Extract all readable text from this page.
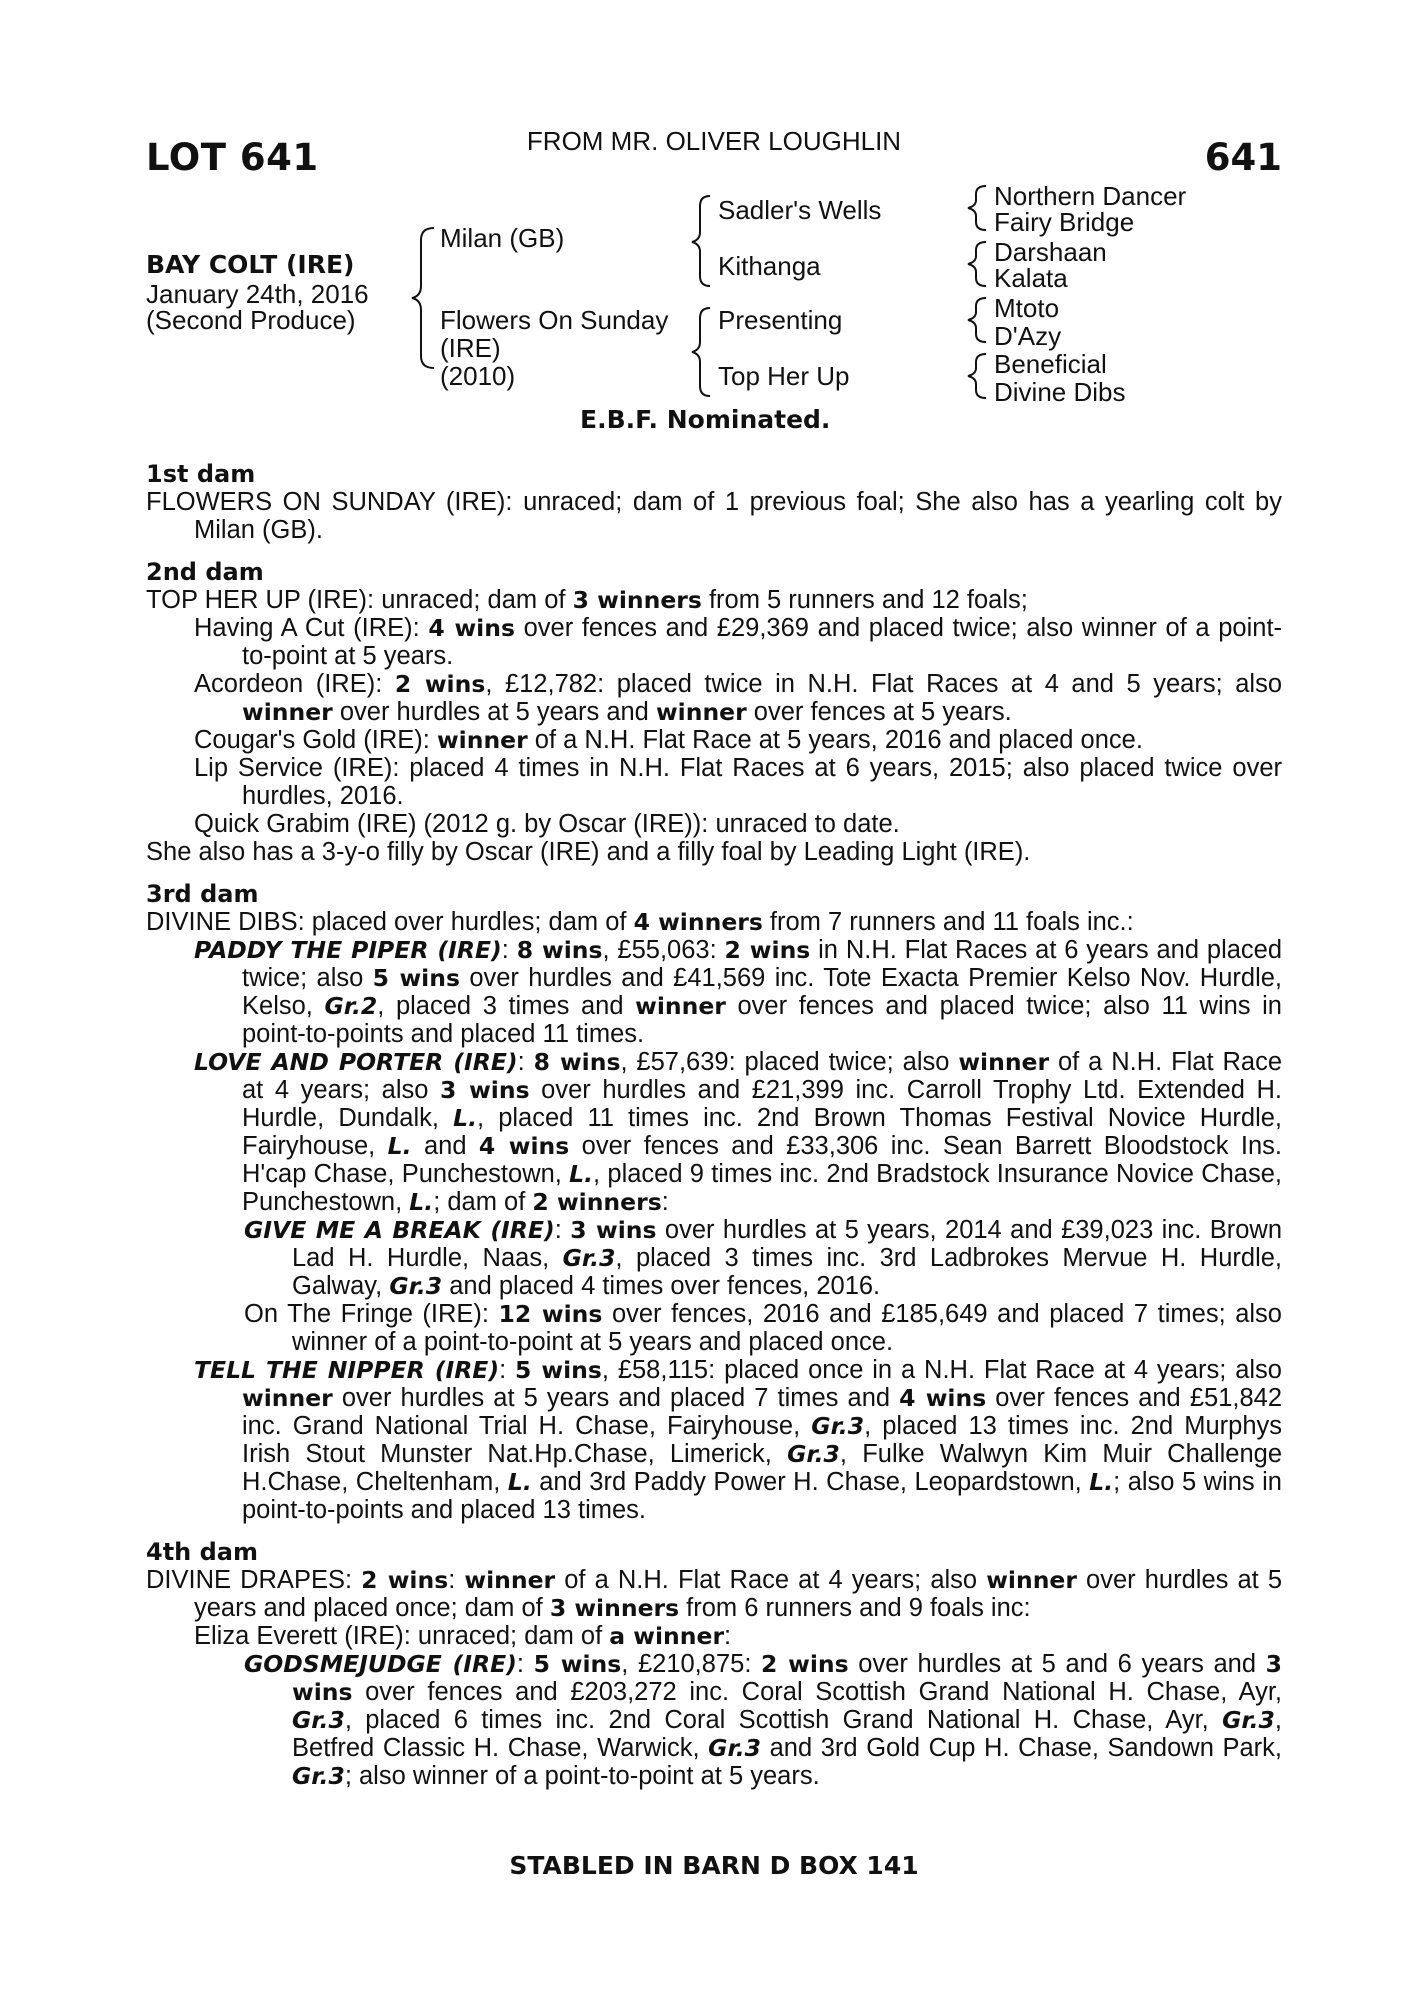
LOT 641	FROM MR. OLIVER LOUGHLIN	641
BAY COLT (IRE)
January 24th, 2016
(Second Produce)
Milan (GB)
Flowers On Sunday
(IRE)
(2010)
Sadler's Wells
Kithanga
Presenting
Top Her Up
Northern Dancer
Fairy Bridge
Darshaan
Kalata
Mtoto
D'Azy
Beneficial
Divine Dibs
E.B.F. Nominated.
1st dam
FLOWERS ON SUNDAY (IRE): unraced; dam of 1 previous foal; She also has a yearling colt by Milan (GB).
2nd dam
TOP HER UP (IRE): unraced; dam of 3 winners from 5 runners and 12 foals;
Having A Cut (IRE): 4 wins over fences and £29,369 and placed twice; also winner of a point-to-point at 5 years.
Acordeon (IRE): 2 wins, £12,782: placed twice in N.H. Flat Races at 4 and 5 years; also winner over hurdles at 5 years and winner over fences at 5 years.
Cougar's Gold (IRE): winner of a N.H. Flat Race at 5 years, 2016 and placed once.
Lip Service (IRE): placed 4 times in N.H. Flat Races at 6 years, 2015; also placed twice over hurdles, 2016.
Quick Grabim (IRE) (2012 g. by Oscar (IRE)): unraced to date.
She also has a 3-y-o filly by Oscar (IRE) and a filly foal by Leading Light (IRE).
3rd dam
DIVINE DIBS: placed over hurdles; dam of 4 winners from 7 runners and 11 foals inc.:
PADDY THE PIPER (IRE): 8 wins, £55,063: 2 wins in N.H. Flat Races at 6 years and placed twice; also 5 wins over hurdles and £41,569 inc. Tote Exacta Premier Kelso Nov. Hurdle, Kelso, Gr.2, placed 3 times and winner over fences and placed twice; also 11 wins in point-to-points and placed 11 times.
LOVE AND PORTER (IRE): 8 wins, £57,639: placed twice; also winner of a N.H. Flat Race at 4 years; also 3 wins over hurdles and £21,399 inc. Carroll Trophy Ltd. Extended H. Hurdle, Dundalk, L., placed 11 times inc. 2nd Brown Thomas Festival Novice Hurdle, Fairyhouse, L. and 4 wins over fences and £33,306 inc. Sean Barrett Bloodstock Ins. H'cap Chase, Punchestown, L., placed 9 times inc. 2nd Bradstock Insurance Novice Chase, Punchestown, L.; dam of 2 winners:
GIVE ME A BREAK (IRE): 3 wins over hurdles at 5 years, 2014 and £39,023 inc. Brown Lad H. Hurdle, Naas, Gr.3, placed 3 times inc. 3rd Ladbrokes Mervue H. Hurdle, Galway, Gr.3 and placed 4 times over fences, 2016.
On The Fringe (IRE): 12 wins over fences, 2016 and £185,649 and placed 7 times; also winner of a point-to-point at 5 years and placed once.
TELL THE NIPPER (IRE): 5 wins, £58,115: placed once in a N.H. Flat Race at 4 years; also winner over hurdles at 5 years and placed 7 times and 4 wins over fences and £51,842 inc. Grand National Trial H. Chase, Fairyhouse, Gr.3, placed 13 times inc. 2nd Murphys Irish Stout Munster Nat.Hp.Chase, Limerick, Gr.3, Fulke Walwyn Kim Muir Challenge H.Chase, Cheltenham, L. and 3rd Paddy Power H. Chase, Leopardstown, L.; also 5 wins in point-to-points and placed 13 times.
4th dam
DIVINE DRAPES: 2 wins: winner of a N.H. Flat Race at 4 years; also winner over hurdles at 5 years and placed once; dam of 3 winners from 6 runners and 9 foals inc:
Eliza Everett (IRE): unraced; dam of a winner:
GODSMEJUDGE (IRE): 5 wins, £210,875: 2 wins over hurdles at 5 and 6 years and 3 wins over fences and £203,272 inc. Coral Scottish Grand National H. Chase, Ayr, Gr.3, placed 6 times inc. 2nd Coral Scottish Grand National H. Chase, Ayr, Gr.3, Betfred Classic H. Chase, Warwick, Gr.3 and 3rd Gold Cup H. Chase, Sandown Park, Gr.3; also winner of a point-to-point at 5 years.
STABLED IN BARN D BOX 141
